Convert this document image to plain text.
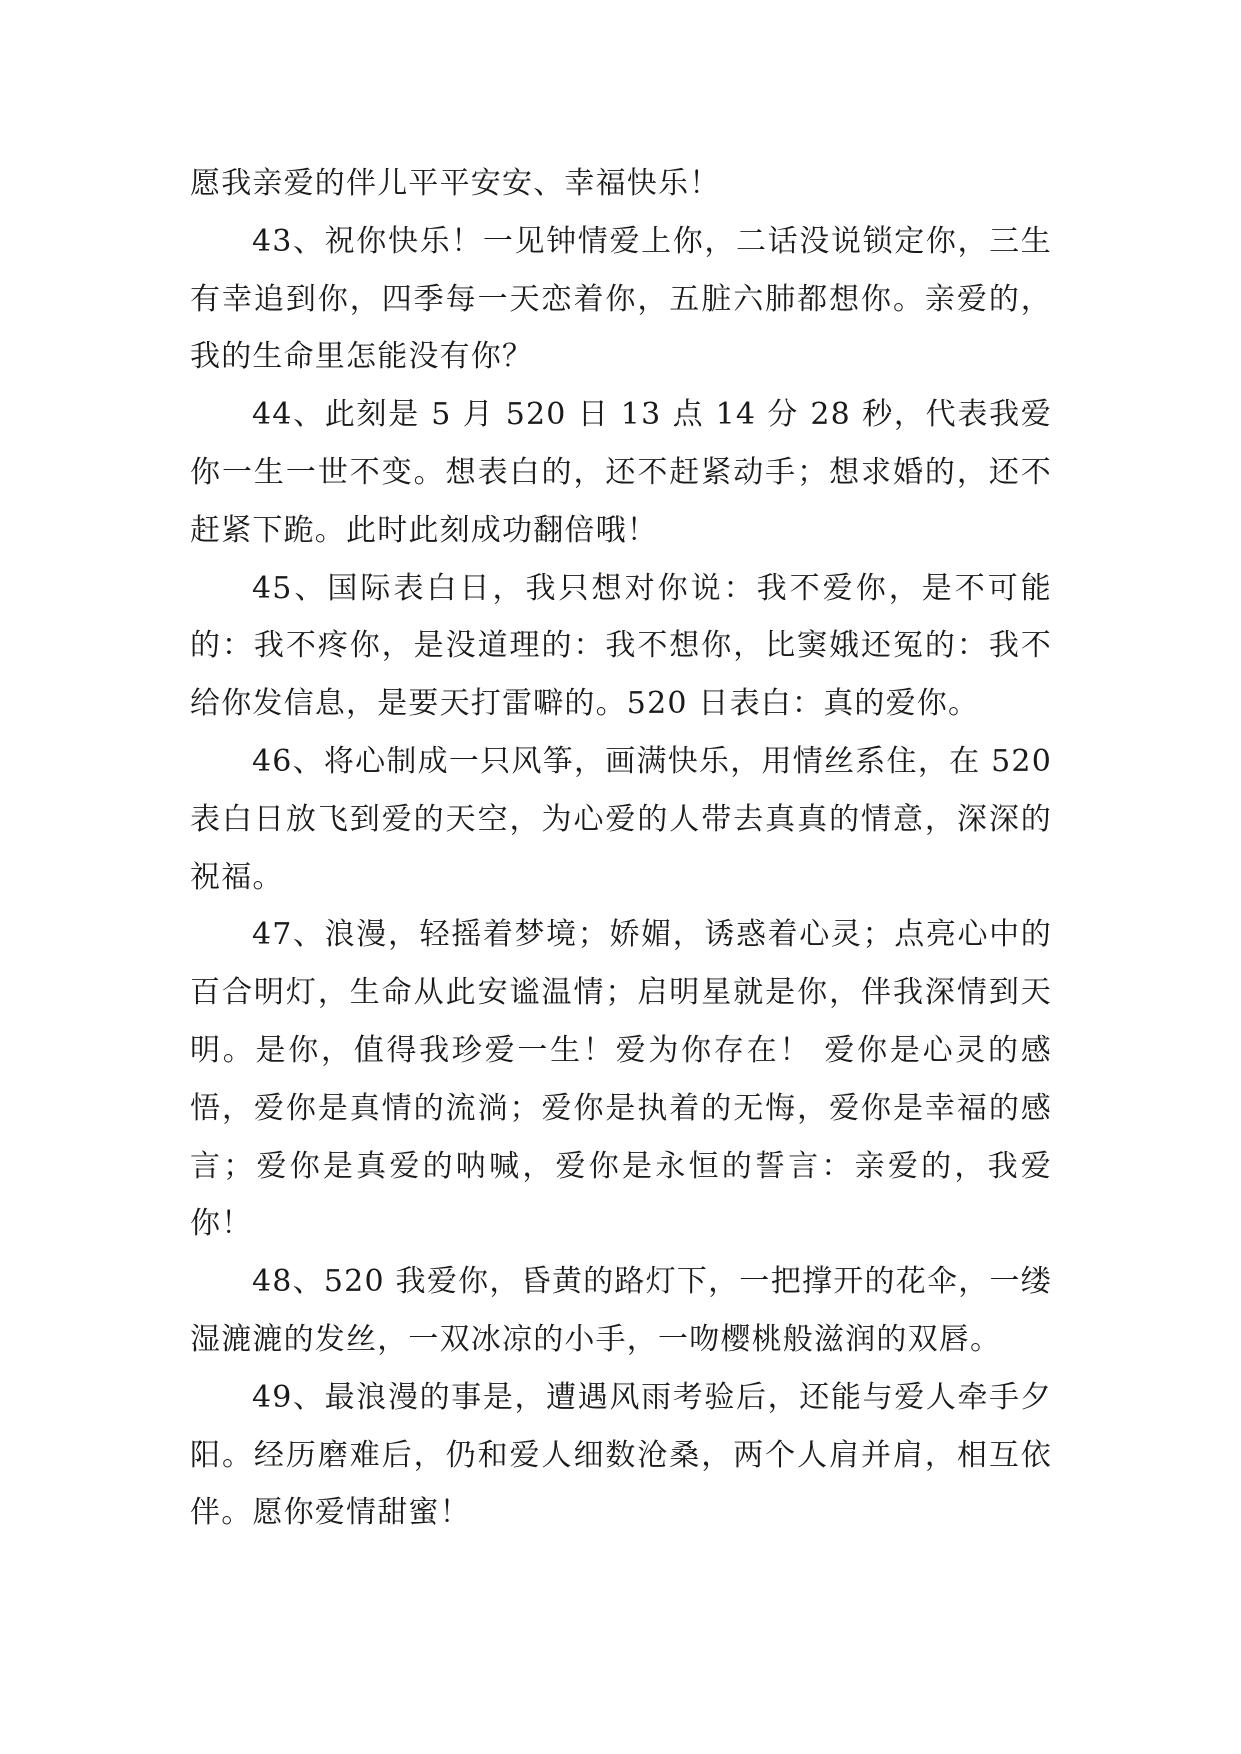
愿我亲爱的伴儿平平安安、幸福快乐！

43、祝你快乐！一见钟情爱上你，二话没说锁定你，三生有幸追到你，四季每一天恋着你，五脏六肺都想你。亲爱的，我的生命里怎能没有你？

44、此刻是 5 月 520 日 13 点 14 分 28 秒，代表我爱你一生一世不变。想表白的，还不赶紧动手；想求婚的，还不赶紧下跪。此时此刻成功翻倍哦！

45、国际表白日，我只想对你说：我不爱你，是不可能的：我不疼你，是没道理的：我不想你，比窦娥还冤的：我不给你发信息，是要天打雷噼的。520 日表白：真的爱你。

46、将心制成一只风筝，画满快乐，用情丝系住，在 520 表白日放飞到爱的天空，为心爱的人带去真真的情意，深深的祝福。

47、浪漫，轻摇着梦境；娇媚，诱惑着心灵；点亮心中的百合明灯，生命从此安谧温情；启明星就是你，伴我深情到天明。是你，值得我珍爱一生！爱为你存在！ 爱你是心灵的感悟，爱你是真情的流淌；爱你是执着的无悔，爱你是幸福的感言；爱你是真爱的呐喊，爱你是永恒的誓言：亲爱的，我爱你！

48、520 我爱你，昏黄的路灯下，一把撑开的花伞，一缕湿漉漉的发丝，一双冰凉的小手，一吻樱桃般滋润的双唇。

49、最浪漫的事是，遭遇风雨考验后，还能与爱人牵手夕阳。经历磨难后，仍和爱人细数沧桑，两个人肩并肩，相互依伴。愿你爱情甜蜜！
